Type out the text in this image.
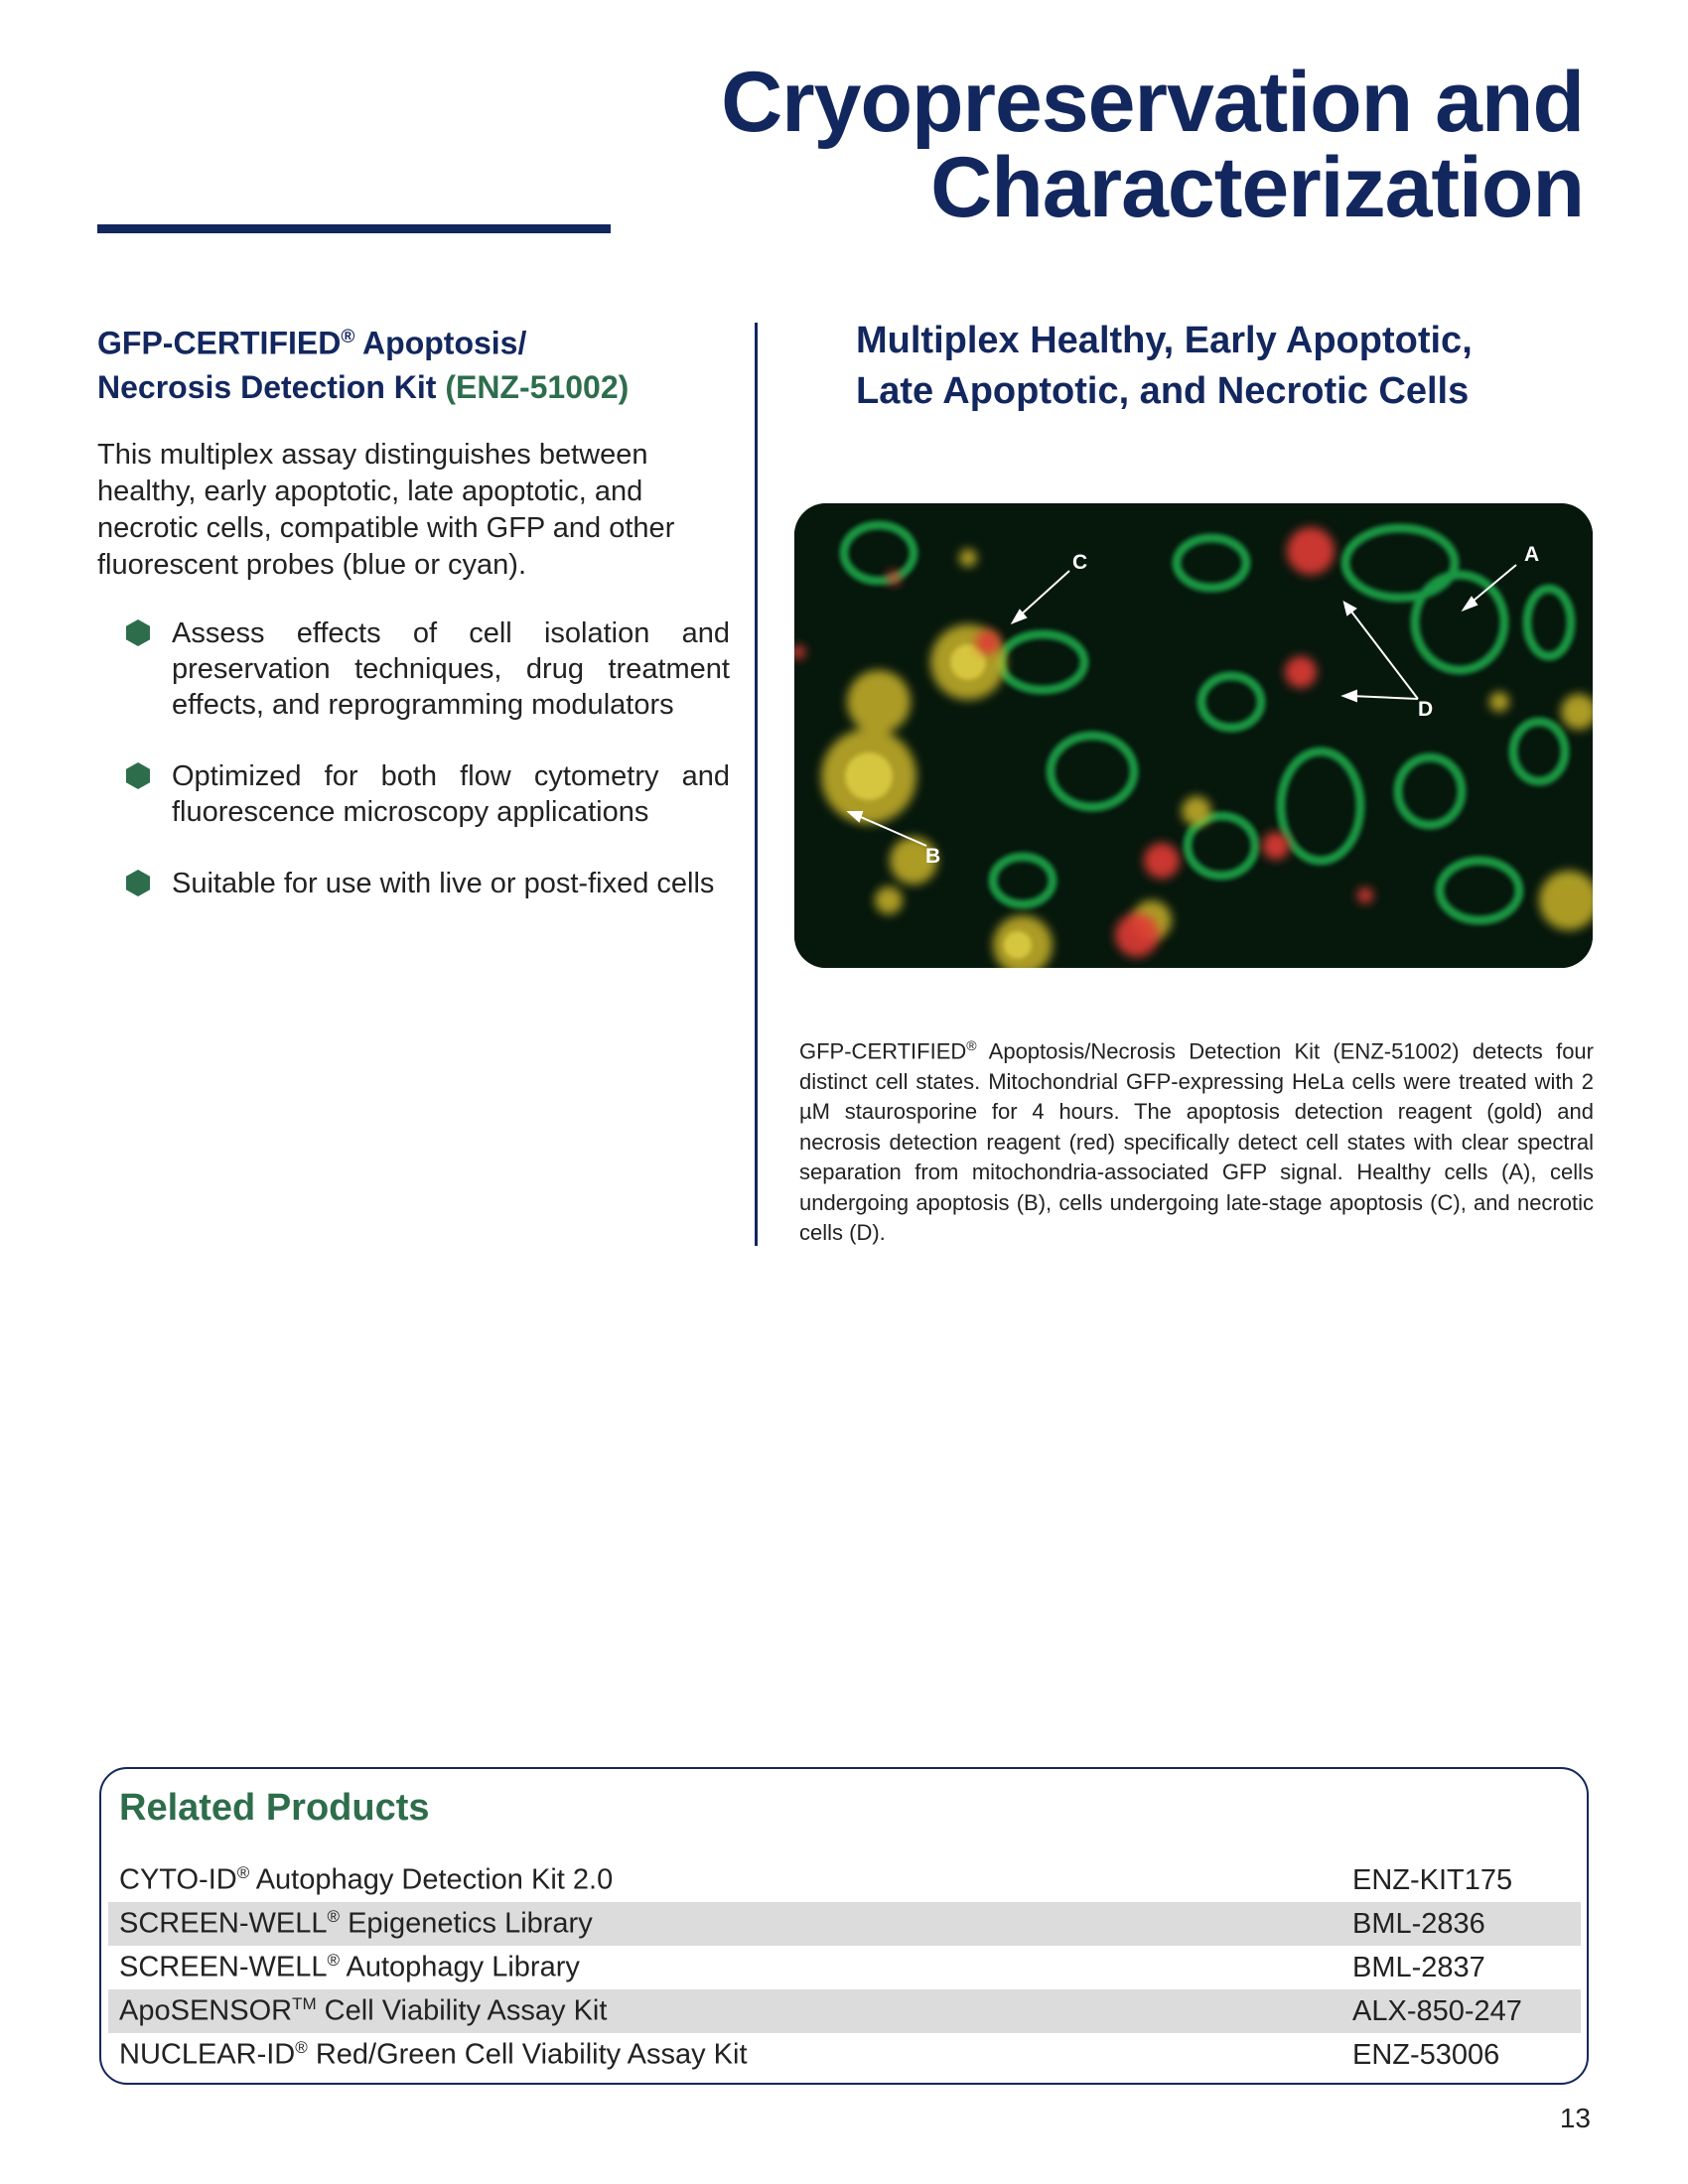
Cryopreservation and
Characterization
GFP-CERTIFIED® Apoptosis/
Necrosis Detection Kit (ENZ-51002)
This multiplex assay distinguishes between healthy, early apoptotic, late apoptotic, and necrotic cells, compatible with GFP and other fluorescent probes (blue or cyan).
Assess effects of cell isolation and preservation techniques, drug treatment effects, and reprogramming modulators
Optimized for both flow cytometry and fluorescence microscopy applications
Suitable for use with live or post-fixed cells
Multiplex Healthy, Early Apoptotic,
Late Apoptotic, and Necrotic Cells
A
C
B
D
GFP-CERTIFIED® Apoptosis/Necrosis Detection Kit (ENZ-51002) detects four distinct cell states. Mitochondrial GFP-expressing HeLa cells were treated with 2 µM staurosporine for 4 hours. The apoptosis detection reagent (gold) and necrosis detection reagent (red) specifically detect cell states with clear spectral separation from mitochondria-associated GFP signal. Healthy cells (A), cells undergoing apoptosis (B), cells undergoing late-stage apoptosis (C), and necrotic cells (D).
Related Products
CYTO-ID® Autophagy Detection Kit 2.0	ENZ-KIT175
SCREEN-WELL® Epigenetics Library	BML-2836
SCREEN-WELL® Autophagy Library	BML-2837
ApoSENSOR™ Cell Viability Assay Kit	ALX-850-247
NUCLEAR-ID® Red/Green Cell Viability Assay Kit	ENZ-53006
13
